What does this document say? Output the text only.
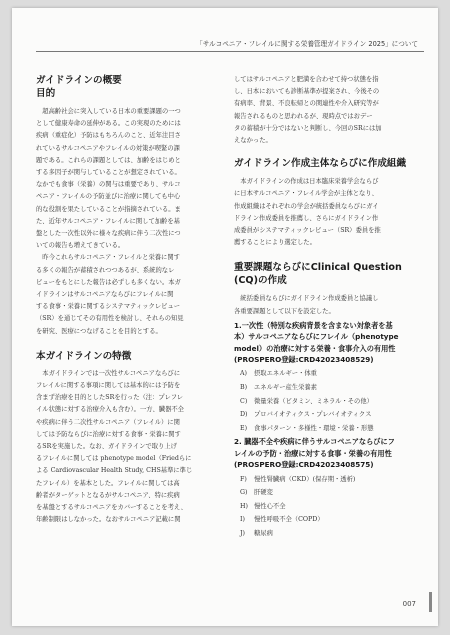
「サルコペニア・フレイルに関する栄養管理ガイドライン 2025」について
ガイドラインの概要
目的

超高齢社会に突入している日本の重要課題の一つ

として健康寿命の延伸がある。この実現のためには

疾病（重症化）予防はもちろんのこと、近年注目さ

れているサルコペニアやフレイルの対策が喫緊の課

題である。これらの課題としては、加齢をはじめと

する多因子が関与していることが想定されている。

なかでも食事（栄養）の関与は重要であり、サルコ

ペニア・フレイルの予防並びに治療に関しても中心

的な役割を果たしていることが指摘されている。ま

た、近年サルコペニア・フレイルに関して加齢を基

盤とした一次性以外に様々な疾病に伴う二次性につ

いての報告も増えてきている。

昨今これらサルコペニア・フレイルと栄養に関す

る多くの報告が蓄積されつつあるが、系統的なレ

ビューをもとにした報告は必ずしも多くない。本ガ

イドラインはサルコペニアならびにフレイルに関

する食事・栄養に関するシステマティックレビュー

（SR）を通じてその有用性を検討し、それらの知見

を研究、医療につなげることを目的とする。

本ガイドラインの特徴

本ガイドラインでは一次性サルコペニアならびに

フレイルに関する事項に関しては基本的には予防を

含まず治療を目的としたSRを行った（注：プレフレ

イル状態に対する治療介入も含む）。一方、臓器不全

や疾病に伴う二次性サルコペニア（フレイル）に関

しては予防ならびに治療に対する食事・栄養に関す

るSRを実施した。なお、ガイドラインで取り上げ

るフレイルに関しては phenotype model（Friedらに

よる Cardiovascular Health Study, CHS基準に準じ

たフレイル）を基本とした。フレイルに関しては高

齢者がターゲットとなるがサルコペニア、特に疾病

を基盤とするサルコペニアをカバーすることを考え、

年齢制限はしなかった。なおサルコペニア記載に関

してはサルコペニアと肥満を合わせて持つ状態を指

し、日本においても診断基準が提案され、今後その

有病率、背景、不良転帰との関連性や介入研究等が

報告されるものと思われるが、現時点ではおデー

タの蓄積が十分ではないと判断し、今回のSRには加

えなかった。

ガイドライン作成主体ならびに作成組織

本ガイドラインの作成は日本臨床栄養学会ならび

に日本サルコペニア・フレイル学会が主体となり、

作成組織はそれぞれの学会が統括委員ならびにガイ

ドライン作成委員を推薦し、さらにガイドライン作

成委員がシステマティックレビュー（SR）委員を推

薦することにより選定した。

重要課題ならびにClinical Question
(CQ)の作成

統括委員ならびにガイドライン作成委員と協議し

各重要課題として以下を設定した。

1.一次性（特別な疾病背景を含まない対象者を基
本）サルコペニアならびにフレイル（phenotype
model）の治療に対する栄養・食事介入の有用性
(PROSPERO登録:CRD42023408529)
A) 摂取エネルギー・体重
B) エネルギー産生栄養素
C) 微量栄養（ビタミン、ミネラル・その他）
D) プロバイオティクス・プレバイオティクス
E) 食事パターン・多様性・環境・栄養・形態
2. 臓器不全や疾病に伴うサルコペニアならびにフ
レイルの予防・治療に対する食事・栄養の有用性
(PROSPERO登録:CRD42023408575)
F) 慢性腎臓病（CKD）(保存期・透析)
G) 肝硬変
H) 慢性心不全
I) 慢性呼吸不全（COPD）
J) 糖尿病
007
